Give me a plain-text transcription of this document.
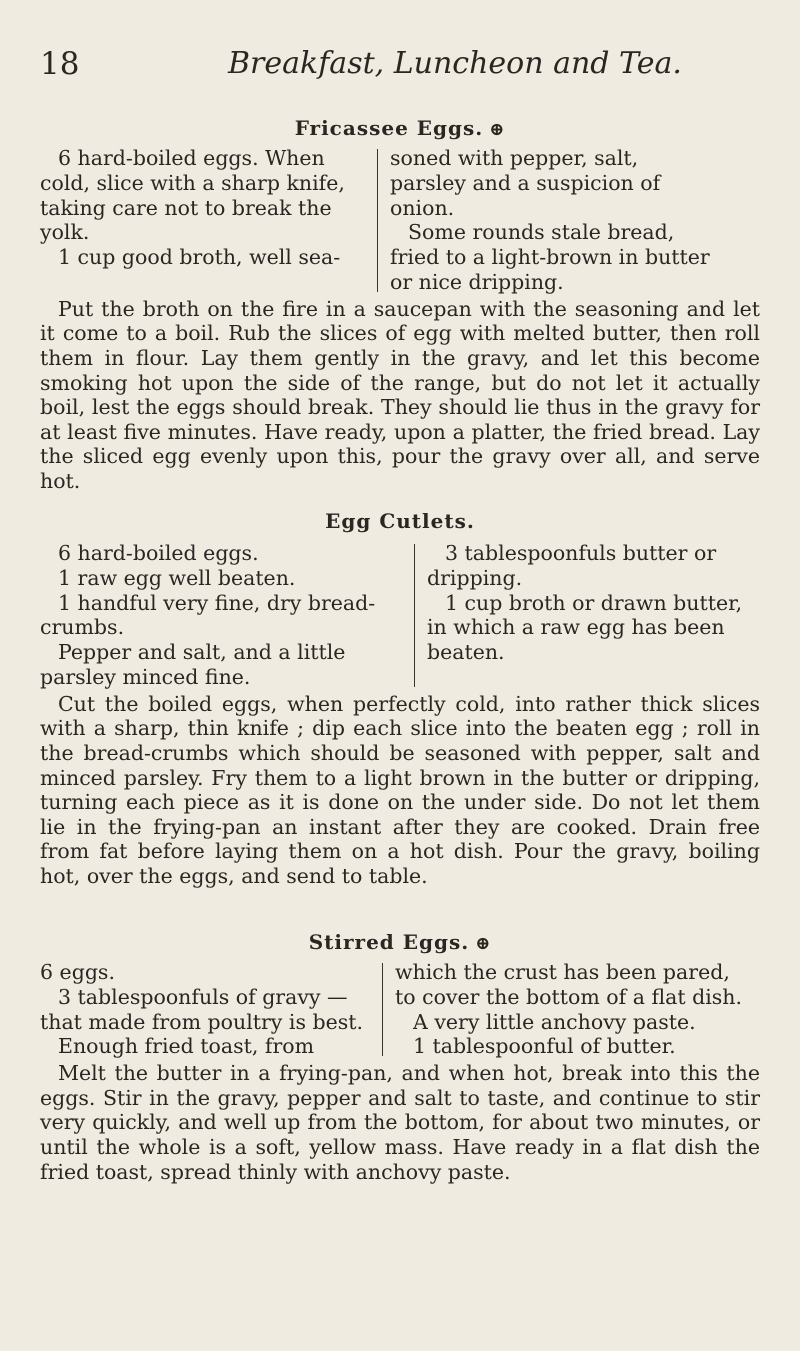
18	Breakfast, Luncheon and Tea.
Fricassee Eggs. ⊕

6 hard-boiled eggs. When cold, slice with a sharp knife, taking care not to break the yolk.

1 cup good broth, well sea-

soned with pepper, salt, parsley and a suspicion of onion.

Some rounds stale bread, fried to a light-brown in butter or nice dripping.

Put the broth on the fire in a saucepan with the seasoning and let it come to a boil. Rub the slices of egg with melted butter, then roll them in flour. Lay them gently in the gravy, and let this become smoking hot upon the side of the range, but do not let it actually boil, lest the eggs should break. They should lie thus in the gravy for at least five minutes. Have ready, upon a platter, the fried bread. Lay the sliced egg evenly upon this, pour the gravy over all, and serve hot.

Egg Cutlets.

6 hard-boiled eggs.

1 raw egg well beaten.

1 handful very fine, dry bread-crumbs.

Pepper and salt, and a little parsley minced fine.

3 tablespoonfuls butter or dripping.

1 cup broth or drawn butter, in which a raw egg has been beaten.

Cut the boiled eggs, when perfectly cold, into rather thick slices with a sharp, thin knife ; dip each slice into the beaten egg ; roll in the bread-crumbs which should be seasoned with pepper, salt and minced parsley. Fry them to a light brown in the butter or dripping, turning each piece as it is done on the under side. Do not let them lie in the frying-pan an instant after they are cooked. Drain free from fat before laying them on a hot dish. Pour the gravy, boiling hot, over the eggs, and send to table.

Stirred Eggs. ⊕

6 eggs.

3 tablespoonfuls of gravy —that made from poultry is best.

Enough fried toast, from

which the crust has been pared, to cover the bottom of a flat dish.

A very little anchovy paste.

1 tablespoonful of butter.

Melt the butter in a frying-pan, and when hot, break into this the eggs. Stir in the gravy, pepper and salt to taste, and continue to stir very quickly, and well up from the bottom, for about two minutes, or until the whole is a soft, yellow mass. Have ready in a flat dish the fried toast, spread thinly with anchovy paste.
